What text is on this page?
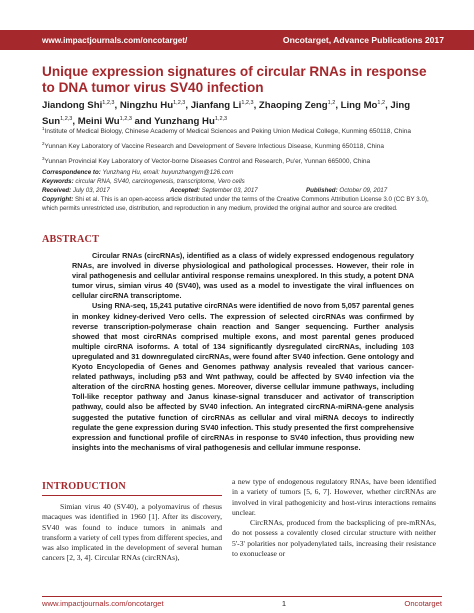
www.impactjournals.com/oncotarget/	Oncotarget, Advance Publications 2017
Unique expression signatures of circular RNAs in response to DNA tumor virus SV40 infection
Jiandong Shi$^{1,2,3}$, Ningzhu Hu$^{1,2,3}$, Jianfang Li$^{1,2,3}$, Zhaoping Zeng$^{1,2}$, Ling Mo$^{1,2}$, Jing Sun$^{1,2,3}$, Meini Wu$^{1,2,3}$ and Yunzhang Hu$^{1,2,3}$
$^1$Institute of Medical Biology, Chinese Academy of Medical Sciences and Peking Union Medical College, Kunming 650118, China
$^2$Yunnan Key Laboratory of Vaccine Research and Development of Severe Infectious Disease, Kunming 650118, China
$^3$Yunnan Provincial Key Laboratory of Vector-borne Diseases Control and Research, Pu'er, Yunnan 665000, China
Correspondence to: Yunzhang Hu, email: huyunzhangym@126.com
Keywords: circular RNA, SV40, carcinogenesis, transcriptome, Vero cells
Received: July 03, 2017	Accepted: September 03, 2017	Published: October 09, 2017
Copyright: Shi et al. This is an open-access article distributed under the terms of the Creative Commons Attribution License 3.0 (CC BY 3.0), which permits unrestricted use, distribution, and reproduction in any medium, provided the original author and source are credited.
ABSTRACT

Circular RNAs (circRNAs), identified as a class of widely expressed endogenous regulatory RNAs, are involved in diverse physiological and pathological processes. However, their role in viral pathogenesis and cellular antiviral response remains unexplored. In this study, a potent DNA tumor virus, simian virus 40 (SV40), was used as a model to investigate the viral influences on cellular circRNA transcriptome.

Using RNA-seq, 15,241 putative circRNAs were identified de novo from 5,057 parental genes in monkey kidney-derived Vero cells. The expression of selected circRNAs was confirmed by reverse transcription-polymerase chain reaction and Sanger sequencing. Further analysis showed that most circRNAs comprised multiple exons, and most parental genes produced multiple circRNA isoforms. A total of 134 significantly dysregulated circRNAs, including 103 upregulated and 31 downregulated circRNAs, were found after SV40 infection. Gene ontology and Kyoto Encyclopedia of Genes and Genomes pathway analysis revealed that various cancer-related pathways, including p53 and Wnt pathway, could be affected by SV40 infection via the alteration of the circRNA hosting genes. Moreover, diverse cellular immune pathways, including Toll-like receptor pathway and Janus kinase-signal transducer and activator of transcription pathway, could also be affected by SV40 infection. An integrated circRNA-miRNA-gene analysis suggested the putative function of circRNAs as cellular and viral miRNA decoys to indirectly regulate the gene expression during SV40 infection. This study presented the first comprehensive expression and functional profile of circRNAs in response to SV40 infection, thus providing new insights into the mechanisms of viral pathogenesis and cellular immune response.

INTRODUCTION

Simian virus 40 (SV40), a polyomavirus of rhesus macaques was identified in 1960 [1]. After its discovery, SV40 was found to induce tumors in animals and transform a variety of cell types from different species, and was also implicated in the development of several human cancers [2, 3, 4]. Circular RNAs (circRNAs),

a new type of endogenous regulatory RNAs, have been identified in a variety of tumors [5, 6, 7]. However, whether circRNAs are involved in viral pathogenicity and host-virus interactions remains unclear.

CircRNAs, produced from the backsplicing of pre-mRNAs, do not possess a covalently closed circular structure with neither 5'-3' polarities nor polyadenylated tails, increasing their resistance to exonuclease or

www.impactjournals.com/oncotarget	1	Oncotarget
